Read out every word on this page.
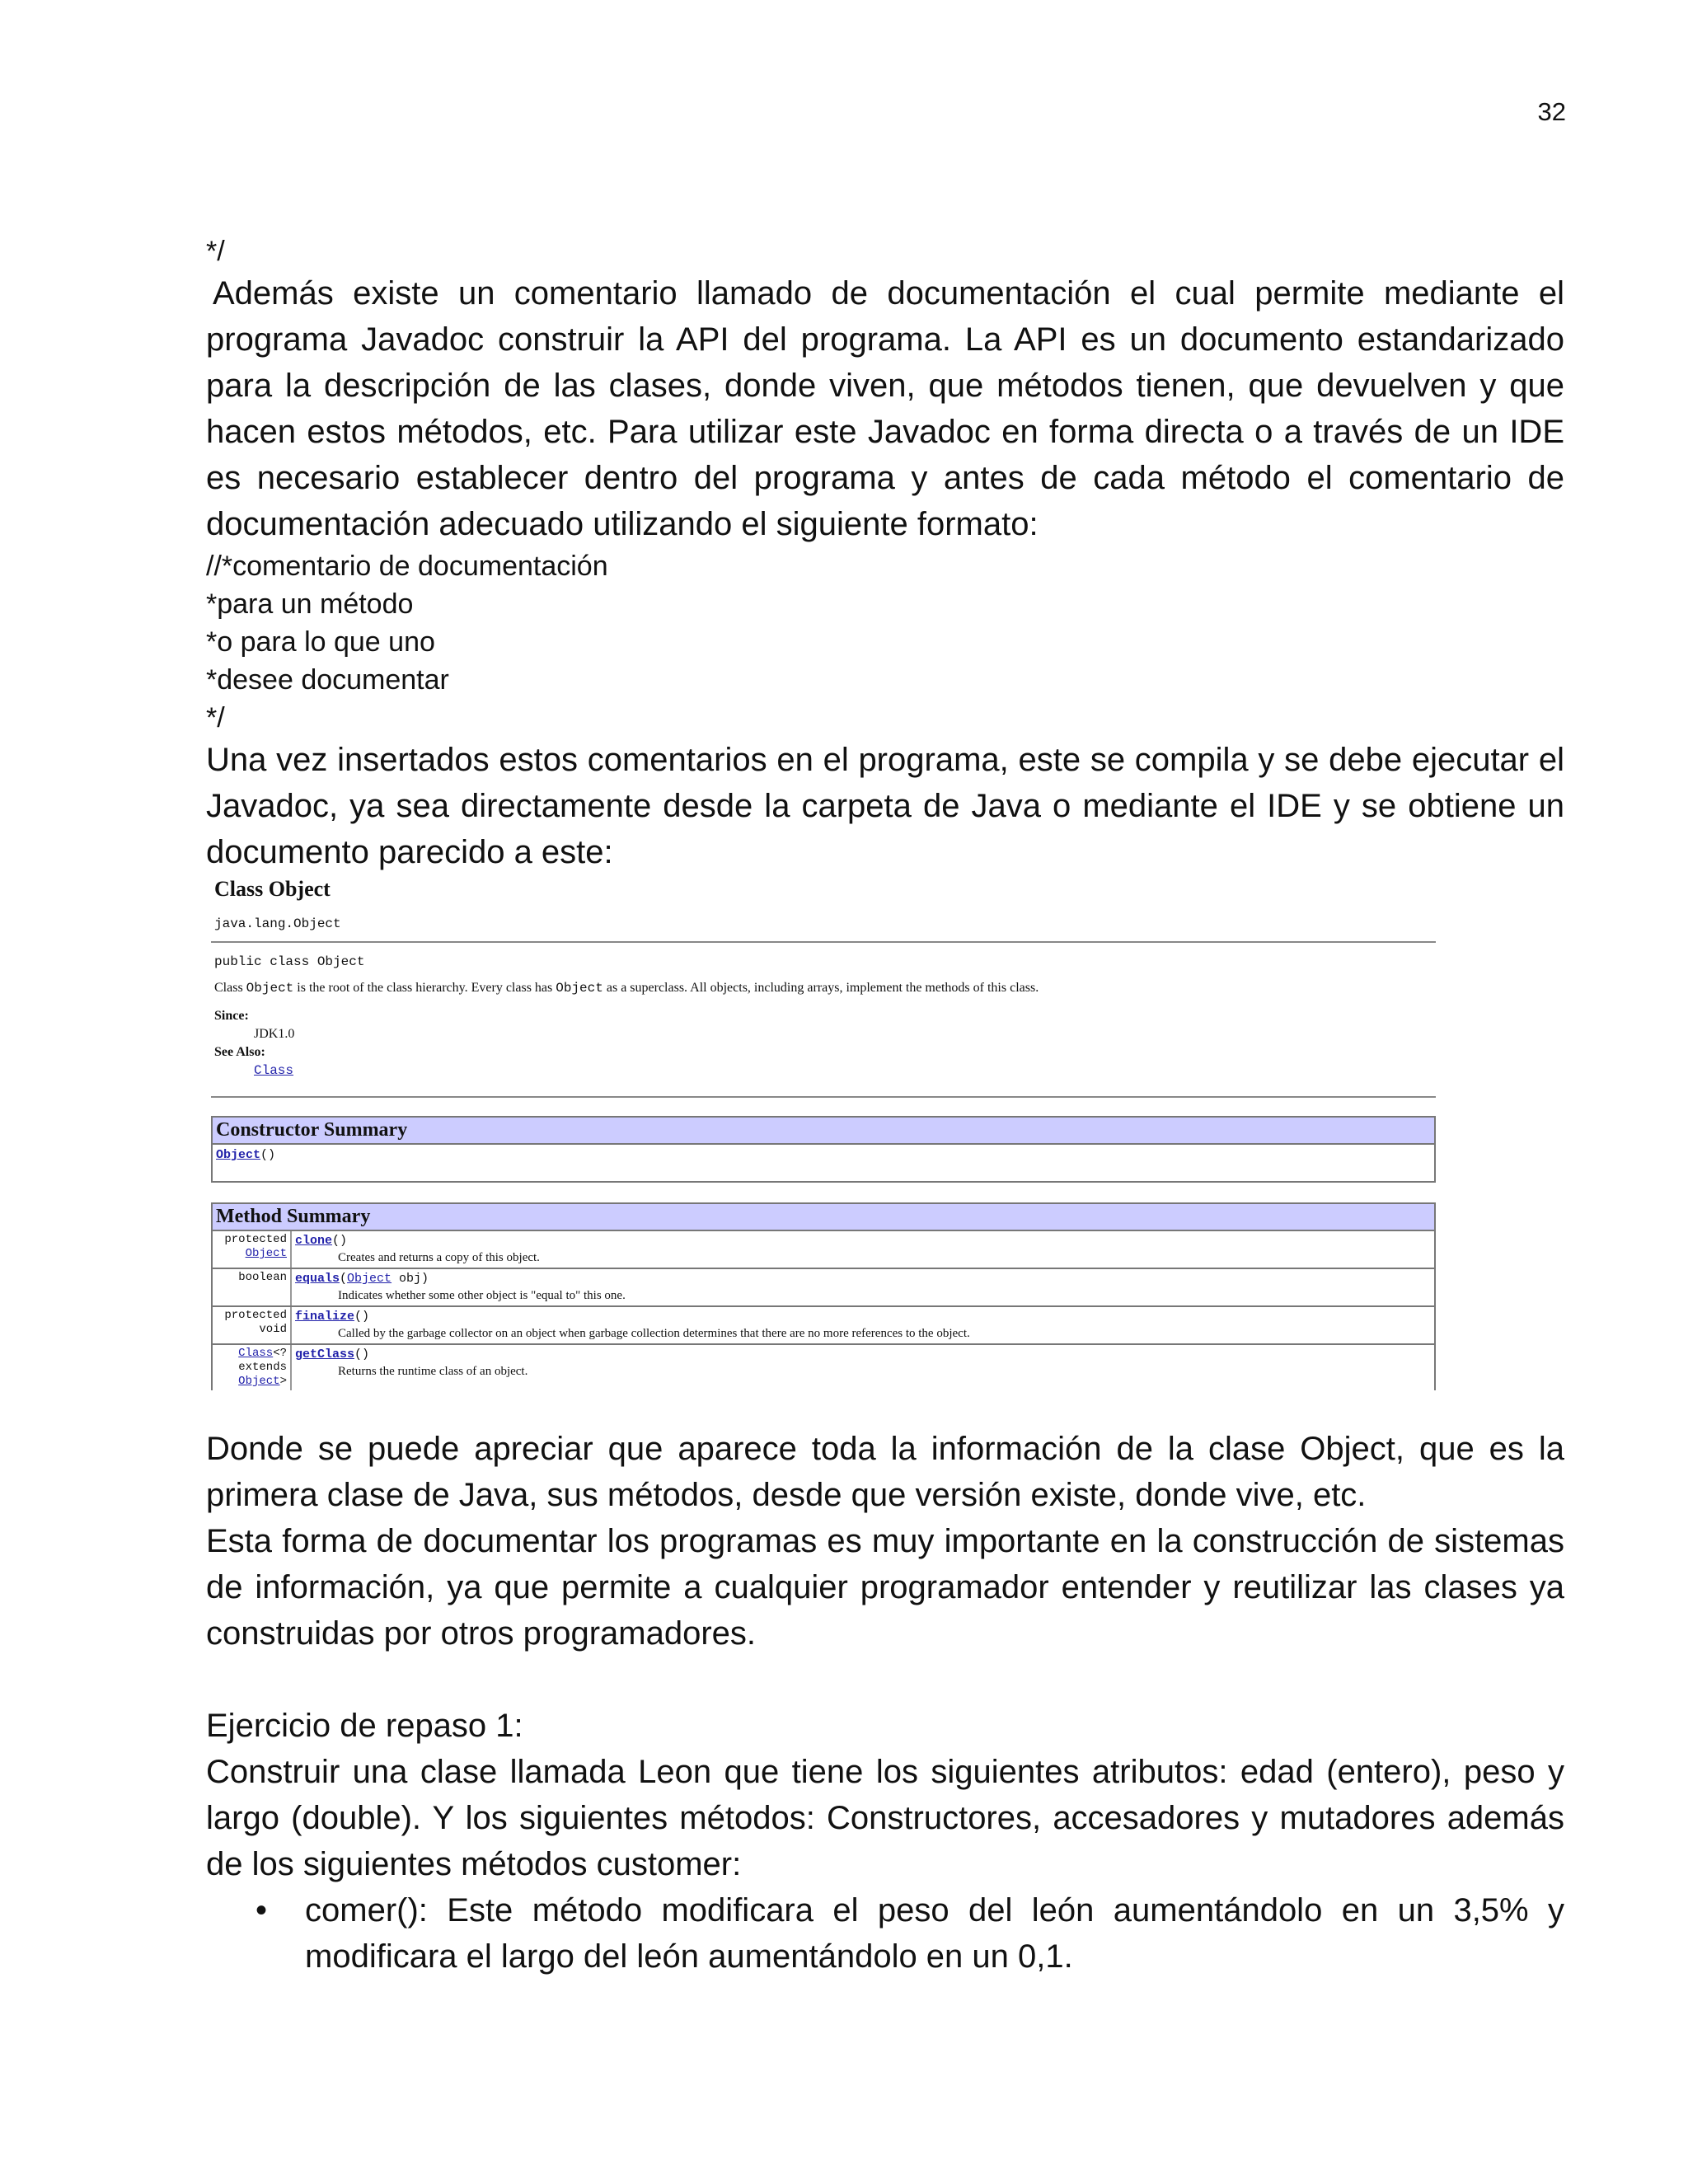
32

*/

Además existe un comentario llamado de documentación el cual permite mediante el programa Javadoc construir la API del programa. La API es un documento estandarizado para la descripción de las clases, donde viven, que métodos tienen, que devuelven y que hacen estos métodos, etc. Para utilizar este Javadoc en forma directa o a través de un IDE es necesario establecer dentro del programa y antes de cada método el comentario de documentación adecuado utilizando el siguiente formato:

//*comentario de documentación

*para un método

*o para lo que uno

*desee documentar

*/

Una vez insertados estos comentarios en el programa, este se compila y se debe ejecutar el Javadoc, ya sea directamente desde la carpeta de Java o mediante el IDE y se obtiene un documento parecido a este:

Class Object
java.lang.Object
public class Object
Class Object is the root of the class hierarchy. Every class has Object as a superclass. All objects, including arrays, implement the methods of this class.
Since:
JDK1.0
See Also:
Class
Constructor Summary
Object()
Method Summary
protected
Object
clone()
Creates and returns a copy of this object.
boolean equals(Object obj)
Indicates whether some other object is "equal to" this one.
protected
void
finalize()
Called by the garbage collector on an object when garbage collection determines that there are no more references to the object.
Class<?
extends
Object>
getClass()
Returns the runtime class of an object.

Donde se puede apreciar que aparece toda la información de la clase Object, que es la primera clase de Java, sus métodos, desde que versión existe, donde vive, etc.

Esta forma de documentar los programas es muy importante en la construcción de sistemas de información, ya que permite a cualquier programador entender y reutilizar las clases ya construidas por otros programadores.

Ejercicio de repaso 1:

Construir una clase llamada Leon que tiene los siguientes atributos: edad (entero), peso y largo (double). Y los siguientes métodos: Constructores, accesadores y mutadores además de los siguientes métodos customer:

•	comer(): Este método modificara el peso del león aumentándolo en un 3,5% y modificara el largo del león aumentándolo en un 0,1.
